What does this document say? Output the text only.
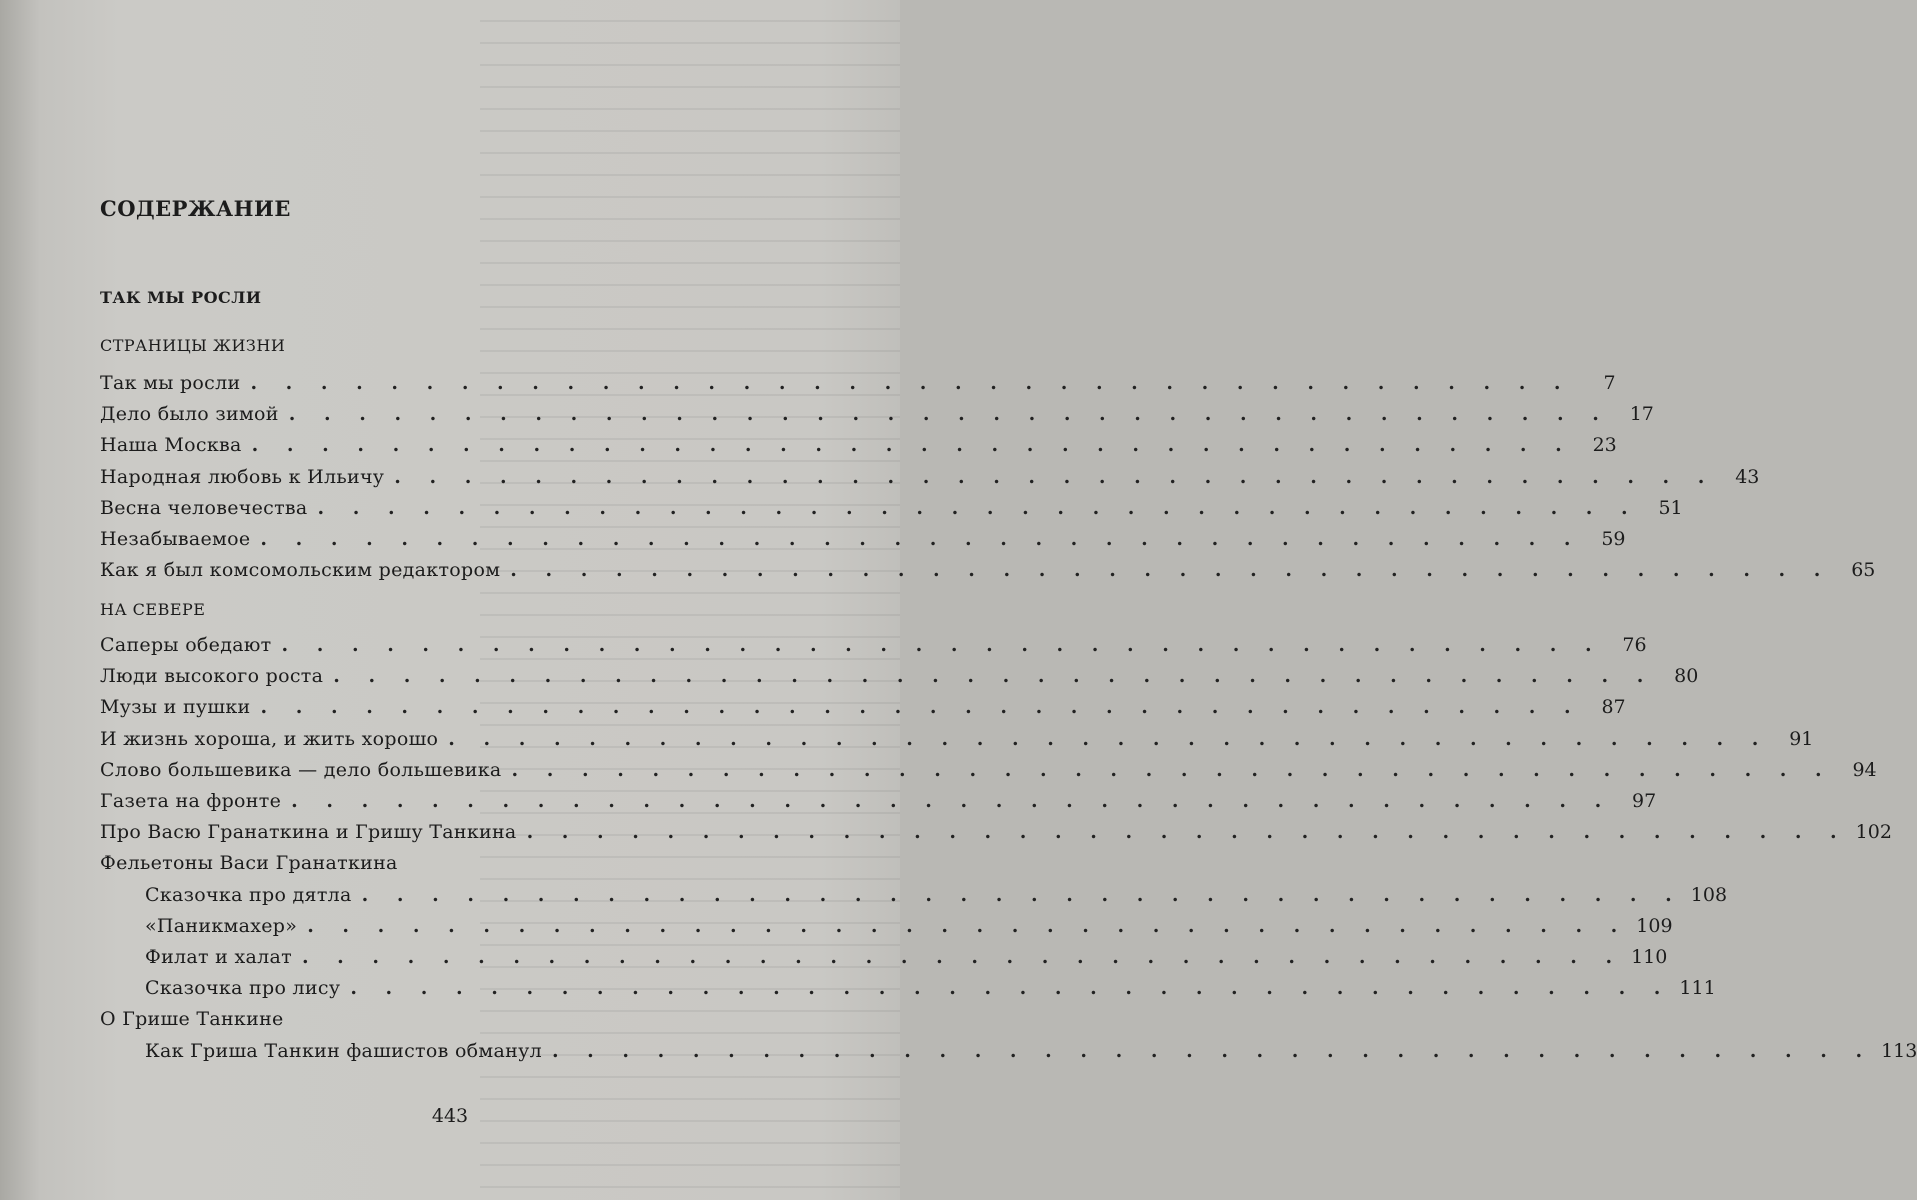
СОДЕРЖАНИЕ
ТАК МЫ РОСЛИ
СТРАНИЦЫ ЖИЗНИ
НА СЕВЕРЕ
Так мы росли . . . . . . . . . . . . . . . . . . . . . . . . . . . . . . . . . . . . . .	7
Дело было зимой . . . . . . . . . . . . . . . . . . . . . . . . . . . . . . . . . . . . . .	17
Наша Москва . . . . . . . . . . . . . . . . . . . . . . . . . . . . . . . . . . . . . .	23
Народная любовь к Ильичу . . . . . . . . . . . . . . . . . . . . . . . . . . . . . . . . . . . . . .	43
Весна человечества . . . . . . . . . . . . . . . . . . . . . . . . . . . . . . . . . . . . . .	51
Незабываемое . . . . . . . . . . . . . . . . . . . . . . . . . . . . . . . . . . . . . .	59
Как я был комсомольским редактором . . . . . . . . . . . . . . . . . . . . . . . . . . . . . . . . . . . . . .	65
Саперы обедают . . . . . . . . . . . . . . . . . . . . . . . . . . . . . . . . . . . . . .	76
Люди высокого роста . . . . . . . . . . . . . . . . . . . . . . . . . . . . . . . . . . . . . .	80
Музы и пушки . . . . . . . . . . . . . . . . . . . . . . . . . . . . . . . . . . . . . .	87
И жизнь хороша, и жить хорошо . . . . . . . . . . . . . . . . . . . . . . . . . . . . . . . . . . . . . .	91
Слово большевика — дело большевика . . . . . . . . . . . . . . . . . . . . . . . . . . . . . . . . . . . . . .	94
Газета на фронте . . . . . . . . . . . . . . . . . . . . . . . . . . . . . . . . . . . . . .	97
Про Васю Гранаткина и Гришу Танкина . . . . . . . . . . . . . . . . . . . . . . . . . . . . . . . . . . . . . . 102
Фельетоны Васи Гранаткина
Сказочка про дятла . . . . . . . . . . . . . . . . . . . . . . . . . . . . . . . . . . . . . . 108
«Паникмахер» . . . . . . . . . . . . . . . . . . . . . . . . . . . . . . . . . . . . . . 109
Филат и халат . . . . . . . . . . . . . . . . . . . . . . . . . . . . . . . . . . . . . . 110
Сказочка про лису . . . . . . . . . . . . . . . . . . . . . . . . . . . . . . . . . . . . . . 111
О Грише Танкине
Как Гриша Танкин фашистов обманул . . . . . . . . . . . . . . . . . . . . . . . . . . . . . . . . . . . . . . 113
443
